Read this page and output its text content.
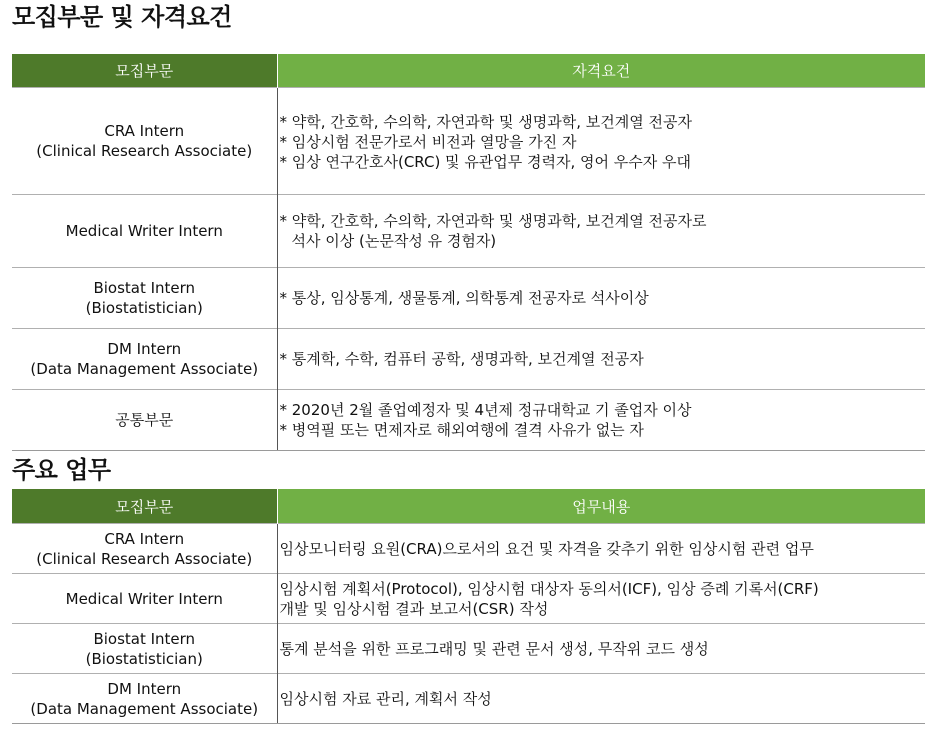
모집부문 및 자격요건
모집부문	자격요건

CRA Intern
(Clinical Research Associate)	* 약학, 간호학, 수의학, 자연과학 및 생명과학, 보건계열 전공자
* 임상시험 전문가로서 비전과 열망을 가진 자
* 임상 연구간호사(CRC) 및 유관업무 경력자, 영어 우수자 우대

Medical Writer Intern	* 약학, 간호학, 수의학, 자연과학 및 생명과학, 보건계열 전공자로
석사 이상 (논문작성 유 경험자)

Biostat Intern
(Biostatistician)	* 통상, 임상통계, 생물통계, 의학통계 전공자로 석사이상

DM Intern
(Data Management Associate)	* 통계학, 수학, 컴퓨터 공학, 생명과학, 보건계열 전공자

공통부문	* 2020년 2월 졸업예정자 및 4년제 정규대학교 기 졸업자 이상
* 병역필 또는 면제자로 해외여행에 결격 사유가 없는 자
주요 업무
모집부문	업무내용

CRA Intern
(Clinical Research Associate)	임상모니터링 요원(CRA)으로서의 요건 및 자격을 갖추기 위한 임상시험 관련 업무

Medical Writer Intern	임상시험 계획서(Protocol), 임상시험 대상자 동의서(ICF), 임상 증례 기록서(CRF)
개발 및 임상시험 결과 보고서(CSR) 작성

Biostat Intern
(Biostatistician)	통계 분석을 위한 프로그래밍 및 관련 문서 생성, 무작위 코드 생성

DM Intern
(Data Management Associate)	임상시험 자료 관리, 계획서 작성
